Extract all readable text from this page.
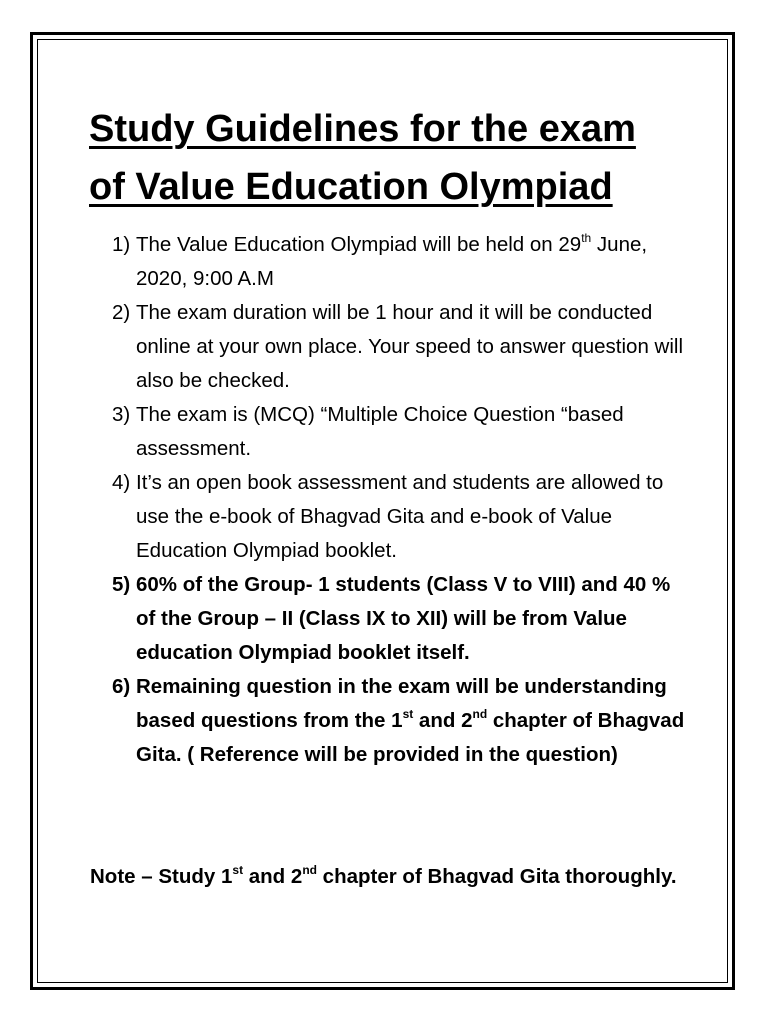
Study Guidelines for the exam
of Value Education Olympiad
1) The Value Education Olympiad will be held on 29th June, 2020, 9:00 A.M
2) The exam duration will be 1 hour and it will be conducted online at your own place. Your speed to answer question will also be checked.
3) The exam is (MCQ) “Multiple Choice Question “based assessment.
4) It’s an open book assessment and students are allowed to use the e-book of Bhagvad Gita and e-book of Value Education Olympiad booklet.
5) 60% of the Group- 1 students (Class V to VIII) and 40 % of the Group – II (Class IX to XII) will be from Value education Olympiad booklet itself.
6) Remaining question in the exam will be understanding based questions from the 1st and 2nd chapter of Bhagvad Gita. ( Reference will be provided in the question)

Note – Study 1st and 2nd chapter of Bhagvad Gita thoroughly.
